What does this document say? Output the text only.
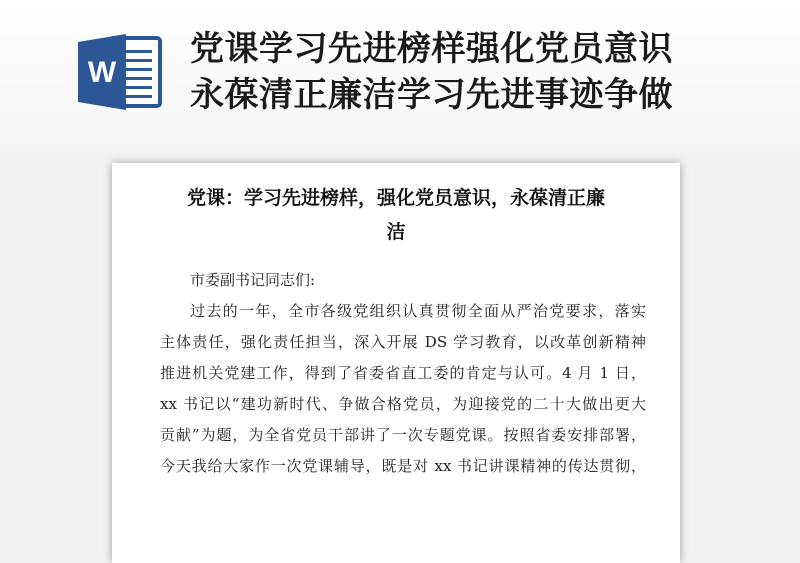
W
党课学习先进榜样强化党员意识
永葆清正廉洁学习先进事迹争做
党课：学习先进榜样，强化党员意识，永葆清正廉
洁
市委副书记同志们:
过去的一年，全市各级党组织认真贯彻全面从严治党要求，落实
主体责任，强化责任担当，深入开展 DS 学习教育，以改革创新精神
推进机关党建工作，得到了省委省直工委的肯定与认可。4 月 1 日，
xx 书记以“建功新时代、争做合格党员，为迎接党的二十大做出更大
贡献”为题，为全省党员干部讲了一次专题党课。按照省委安排部署，
今天我给大家作一次党课辅导，既是对 xx 书记讲课精神的传达贯彻，
